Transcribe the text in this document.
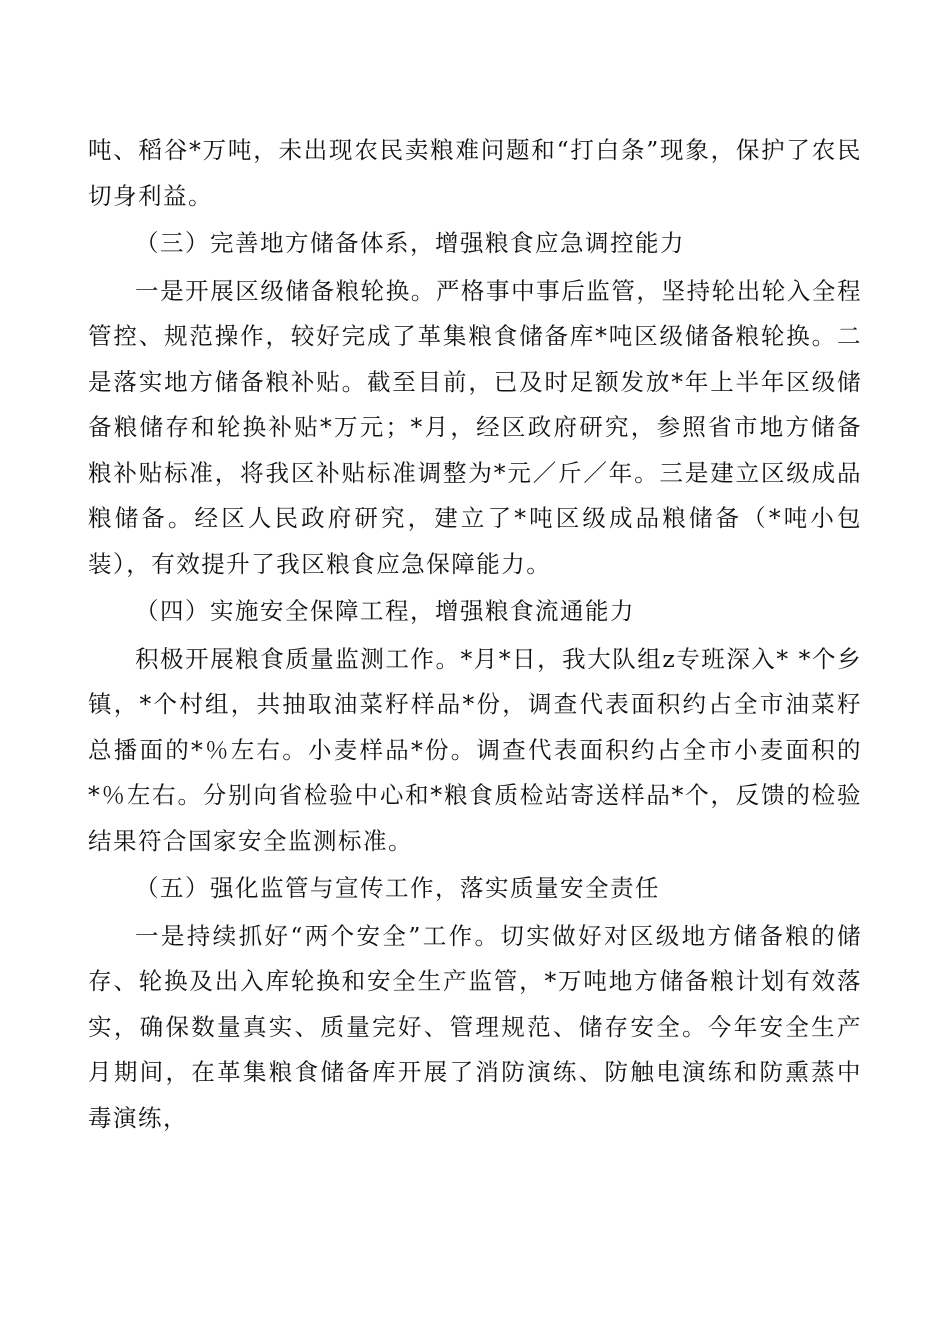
吨、稻谷*万吨，未出现农民卖粮难问题和“打白条”现象，保护了农民切身利益。

（三）完善地方储备体系，增强粮食应急调控能力

一是开展区级储备粮轮换。严格事中事后监管，坚持轮出轮入全程管控、规范操作，较好完成了革集粮食储备库*吨区级储备粮轮换。二是落实地方储备粮补贴。截至目前，已及时足额发放*年上半年区级储备粮储存和轮换补贴*万元；*月，经区政府研究，参照省市地方储备粮补贴标准，将我区补贴标准调整为*元／斤／年。三是建立区级成品粮储备。经区人民政府研究，建立了*吨区级成品粮储备（*吨小包装），有效提升了我区粮食应急保障能力。

（四）实施安全保障工程，增强粮食流通能力

积极开展粮食质量监测工作。*月*日，我大队组z专班深入* *个乡镇，*个村组，共抽取油菜籽样品*份，调查代表面积约占全市油菜籽总播面的*％左右。小麦样品*份。调查代表面积约占全市小麦面积的*％左右。分别向省检验中心和*粮食质检站寄送样品*个，反馈的检验结果符合国家安全监测标准。

（五）强化监管与宣传工作，落实质量安全责任

一是持续抓好“两个安全”工作。切实做好对区级地方储备粮的储存、轮换及出入库轮换和安全生产监管，*万吨地方储备粮计划有效落实，确保数量真实、质量完好、管理规范、储存安全。今年安全生产月期间，在革集粮食储备库开展了消防演练、防触电演练和防熏蒸中毒演练，
